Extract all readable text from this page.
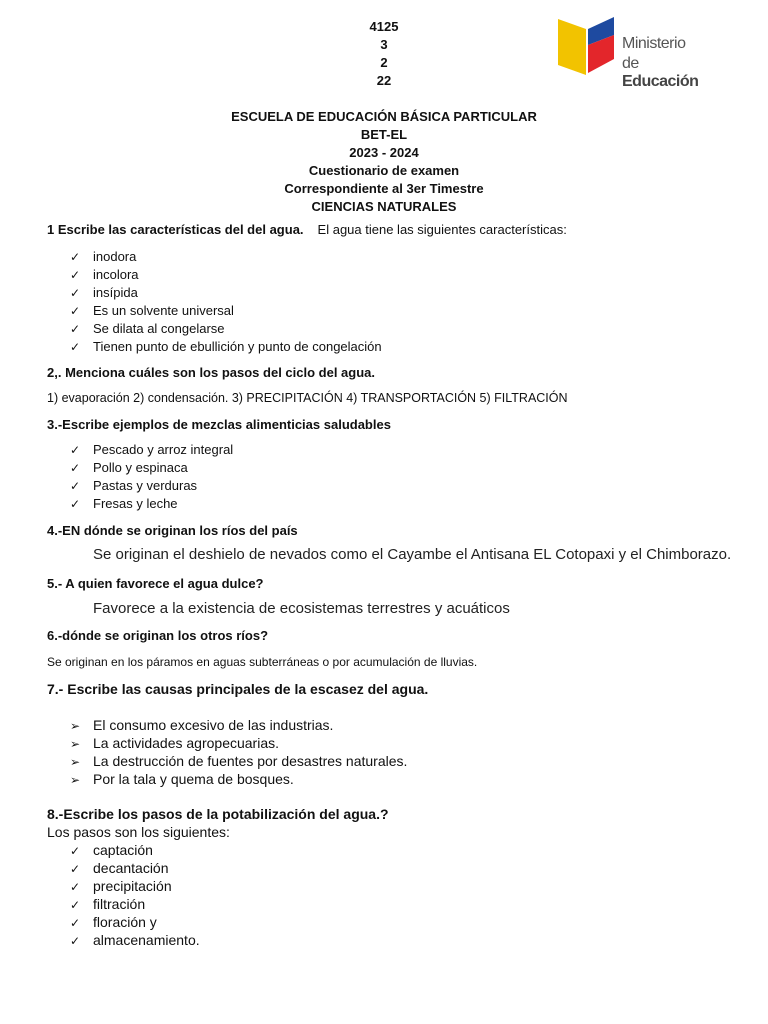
4125
3
2
22
Ministerio
de Educación
ESCUELA DE EDUCACIÓN BÁSICA PARTICULAR
BET-EL
2023 - 2024
Cuestionario de examen
Correspondiente al 3er Timestre
CIENCIAS NATURALES
1 Escribe las características del del agua. El agua tiene las siguientes características:
✓ inodora
✓ incolora
✓ insípida
✓ Es un solvente universal
✓ Se dilata al congelarse
✓ Tienen punto de ebullición y punto de congelación
2,. Menciona cuáles son los pasos del ciclo del agua.
1) evaporación 2) condensación. 3) PRECIPITACIÓN 4) TRANSPORTACIÓN 5) FILTRACIÓN
3.-Escribe ejemplos de mezclas alimenticias saludables
✓ Pescado y arroz integral
✓ Pollo y espinaca
✓ Pastas y verduras
✓ Fresas y leche
4.-EN dónde se originan los ríos del país
Se originan el deshielo de nevados como el Cayambe el Antisana EL Cotopaxi y el Chimborazo.
5.- A quien favorece el agua dulce?
Favorece a la existencia de ecosistemas terrestres y acuáticos
6.-dónde se originan los otros ríos?
Se originan en los páramos en aguas subterráneas o por acumulación de lluvias.
7.- Escribe las causas principales de la escasez del agua.
➢ El consumo excesivo de las industrias.
➢ La actividades agropecuarias.
➢ La destrucción de fuentes por desastres naturales.
➢ Por la tala y quema de bosques.
8.-Escribe los pasos de la potabilización del agua.?
Los pasos son los siguientes:
✓ captación
✓ decantación
✓ precipitación
✓ filtración
✓ floración y
✓ almacenamiento.
